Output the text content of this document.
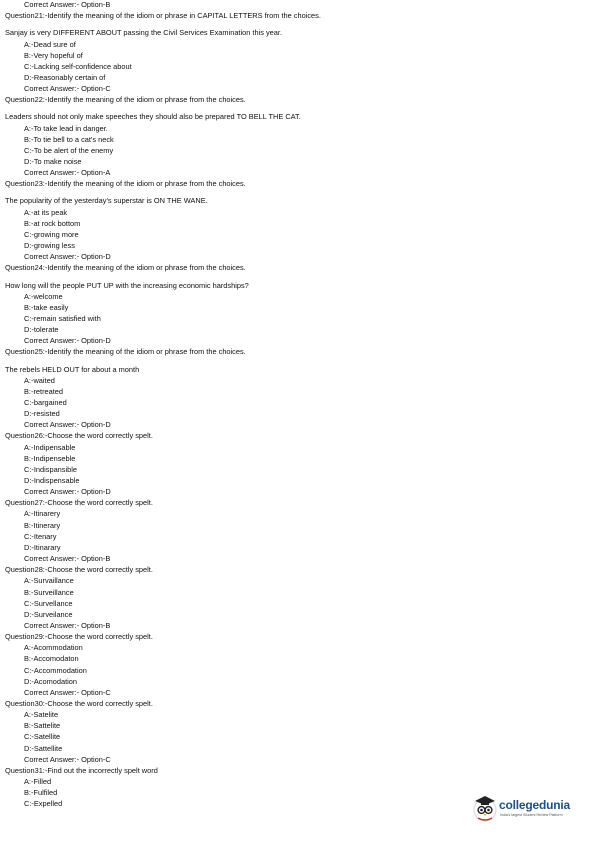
Correct Answer:- Option-B
Question21:-Identify the meaning of the idiom or phrase in CAPITAL LETTERS from the choices.
Sanjay is very DIFFERENT ABOUT passing the Civil Services Examination this year.
A:-Dead sure of
B:-Very hopeful of
C:-Lacking self-confidence about
D:-Reasonably certain of
Correct Answer:- Option-C
Question22:-Identify the meaning of the idiom or phrase from the choices.
Leaders should not only make speeches they should also be prepared TO BELL THE CAT.
A:-To take lead in danger.
B:-To tie bell to a cat's neck
C:-To be alert of the enemy
D:-To make noise
Correct Answer:- Option-A
Question23:-Identify the meaning of the idiom or phrase from the choices.
The popularity of the yesterday's superstar is ON THE WANE.
A:-at its peak
B:-at rock bottom
C:-growing more
D:-growing less
Correct Answer:- Option-D
Question24:-Identify the meaning of the idiom or phrase from the choices.
How long will the people PUT UP with the increasing economic hardships?
A:-welcome
B:-take easily
C:-remain satisfied with
D:-tolerate
Correct Answer:- Option-D
Question25:-Identify the meaning of the idiom or phrase from the choices.
The rebels HELD OUT for about a month
A:-waited
B:-retreated
C:-bargained
D:-resisted
Correct Answer:- Option-D
Question26:-Choose the word correctly spelt.
A:-Indipensable
B:-Indipenseble
C:-Indispansible
D:-Indispensable
Correct Answer:- Option-D
Question27:-Choose the word correctly spelt.
A:-Itinarery
B:-Itinerary
C:-Itenary
D:-Itinarary
Correct Answer:- Option-B
Question28:-Choose the word correctly spelt.
A:-Survaillance
B:-Surveillance
C:-Survellance
D:-Surveilance
Correct Answer:- Option-B
Question29:-Choose the word correctly spelt.
A:-Acommodation
B:-Accomodaton
C:-Accommodation
D:-Acomodation
Correct Answer:- Option-C
Question30:-Choose the word correctly spelt.
A:-Satelite
B:-Sattelite
C:-Satellite
D:-Sattellite
Correct Answer:- Option-C
Question31:-Find out the incorrectly spelt word
A:-Filled
B:-Fulfiled
C:-Expelled	collegedunia
India's largest Student Review Platform
